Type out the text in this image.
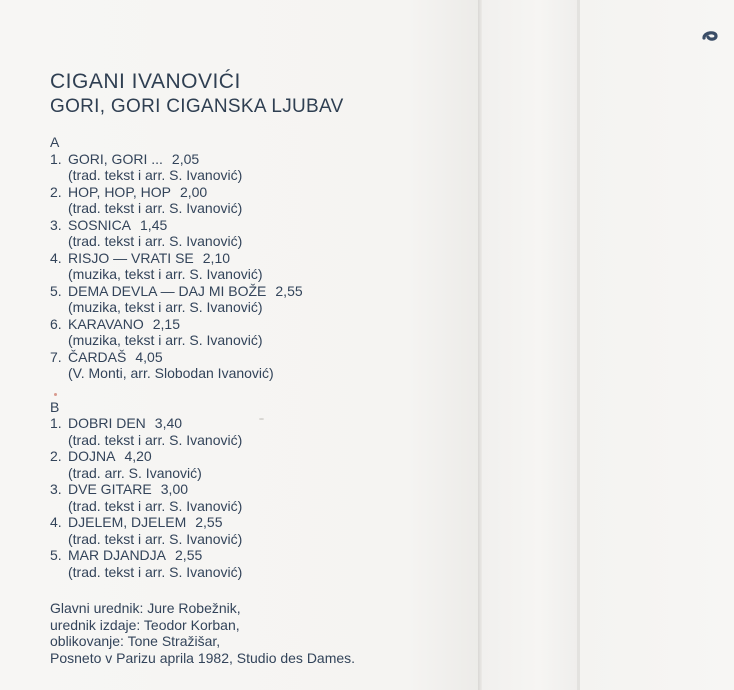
CIGANI IVANOVIĆI
GORI, GORI CIGANSKA LJUBAV
A
1. GORI, GORI ... 2,05
(trad. tekst i arr. S. Ivanović)
2. HOP, HOP, HOP 2,00
(trad. tekst i arr. S. Ivanović)
3. SOSNICA 1,45
(trad. tekst i arr. S. Ivanović)
4. RISJO — VRATI SE 2,10
(muzika, tekst i arr. S. Ivanović)
5. DEMA DEVLA — DAJ MI BOŽE 2,55
(muzika, tekst i arr. S. Ivanović)
6. KARAVANO 2,15
(muzika, tekst i arr. S. Ivanović)
7. ČARDAŠ 4,05
(V. Monti, arr. Slobodan Ivanović)
B
1. DOBRI DEN 3,40
(trad. tekst i arr. S. Ivanović)
2. DOJNA 4,20
(trad. arr. S. Ivanović)
3. DVE GITARE 3,00
(trad. tekst i arr. S. Ivanović)
4. DJELEM, DJELEM 2,55
(trad. tekst i arr. S. Ivanović)
5. MAR DJANDJA 2,55
(trad. tekst i arr. S. Ivanović)
Glavni urednik: Jure Robežnik,
urednik izdaje: Teodor Korban,
oblikovanje: Tone Stražišar,
Posneto v Parizu aprila 1982, Studio des Dames.
